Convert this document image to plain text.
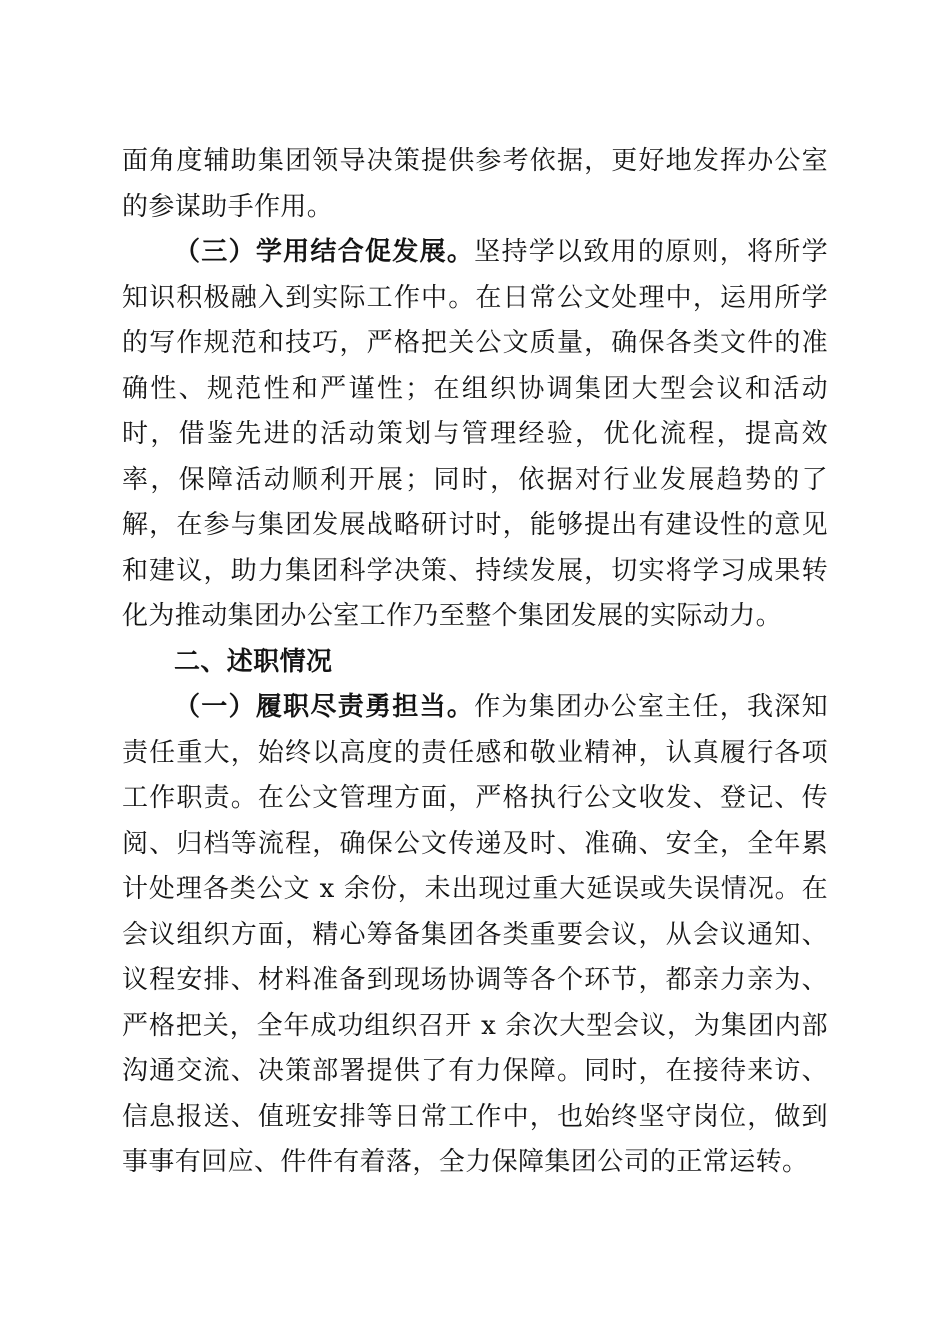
面角度辅助集团领导决策提供参考依据，更好地发挥办公室的参谋助手作用。

（三）学用结合促发展。坚持学以致用的原则，将所学知识积极融入到实际工作中。在日常公文处理中，运用所学的写作规范和技巧，严格把关公文质量，确保各类文件的准确性、规范性和严谨性；在组织协调集团大型会议和活动时，借鉴先进的活动策划与管理经验，优化流程，提高效率，保障活动顺利开展；同时，依据对行业发展趋势的了解，在参与集团发展战略研讨时，能够提出有建设性的意见和建议，助力集团科学决策、持续发展，切实将学习成果转化为推动集团办公室工作乃至整个集团发展的实际动力。

二、述职情况

（一）履职尽责勇担当。作为集团办公室主任，我深知责任重大，始终以高度的责任感和敬业精神，认真履行各项工作职责。在公文管理方面，严格执行公文收发、登记、传阅、归档等流程，确保公文传递及时、准确、安全，全年累计处理各类公文 x 余份，未出现过重大延误或失误情况。在会议组织方面，精心筹备集团各类重要会议，从会议通知、议程安排、材料准备到现场协调等各个环节，都亲力亲为、严格把关，全年成功组织召开 x 余次大型会议，为集团内部沟通交流、决策部署提供了有力保障。同时，在接待来访、信息报送、值班安排等日常工作中，也始终坚守岗位，做到事事有回应、件件有着落，全力保障集团公司的正常运转。
